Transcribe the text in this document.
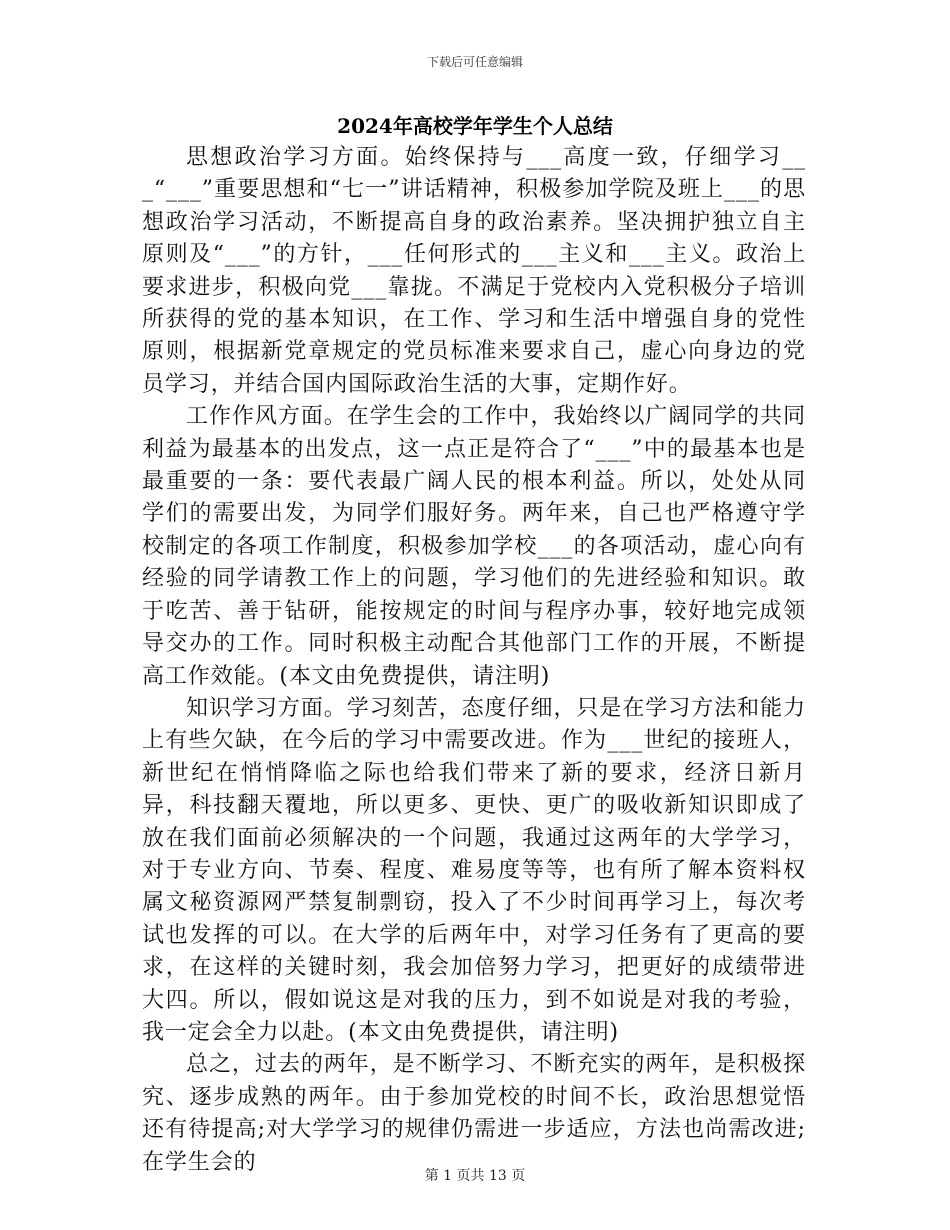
下载后可任意编辑
2024年高校学年学生个人总结

思想政治学习方面。始终保持与___高度一致，仔细学习___“___”重要思想和“七一”讲话精神，积极参加学院及班上___的思想政治学习活动，不断提高自身的政治素养。坚决拥护独立自主原则及“___”的方针，___任何形式的___主义和___主义。政治上要求进步，积极向党___靠拢。不满足于党校内入党积极分子培训所获得的党的基本知识，在工作、学习和生活中增强自身的党性原则，根据新党章规定的党员标准来要求自己，虚心向身边的党员学习，并结合国内国际政治生活的大事，定期作好。

工作作风方面。在学生会的工作中，我始终以广阔同学的共同利益为最基本的出发点，这一点正是符合了“___”中的最基本也是最重要的一条：要代表最广阔人民的根本利益。所以，处处从同学们的需要出发，为同学们服好务。两年来，自己也严格遵守学校制定的各项工作制度，积极参加学校___的各项活动，虚心向有经验的同学请教工作上的问题，学习他们的先进经验和知识。敢于吃苦、善于钻研，能按规定的时间与程序办事，较好地完成领导交办的工作。同时积极主动配合其他部门工作的开展，不断提高工作效能。(本文由免费提供，请注明)

知识学习方面。学习刻苦，态度仔细，只是在学习方法和能力上有些欠缺，在今后的学习中需要改进。作为___世纪的接班人，新世纪在悄悄降临之际也给我们带来了新的要求，经济日新月异，科技翻天覆地，所以更多、更快、更广的吸收新知识即成了放在我们面前必须解决的一个问题，我通过这两年的大学学习，对于专业方向、节奏、程度、难易度等等，也有所了解本资料权属文秘资源网严禁复制剽窃，投入了不少时间再学习上，每次考试也发挥的可以。在大学的后两年中，对学习任务有了更高的要求，在这样的关键时刻，我会加倍努力学习，把更好的成绩带进大四。所以，假如说这是对我的压力，到不如说是对我的考验，我一定会全力以赴。(本文由免费提供，请注明)

总之，过去的两年，是不断学习、不断充实的两年，是积极探究、逐步成熟的两年。由于参加党校的时间不长，政治思想觉悟还有待提高;对大学学习的规律仍需进一步适应，方法也尚需改进;在学生会的

第 1 页共 13 页
